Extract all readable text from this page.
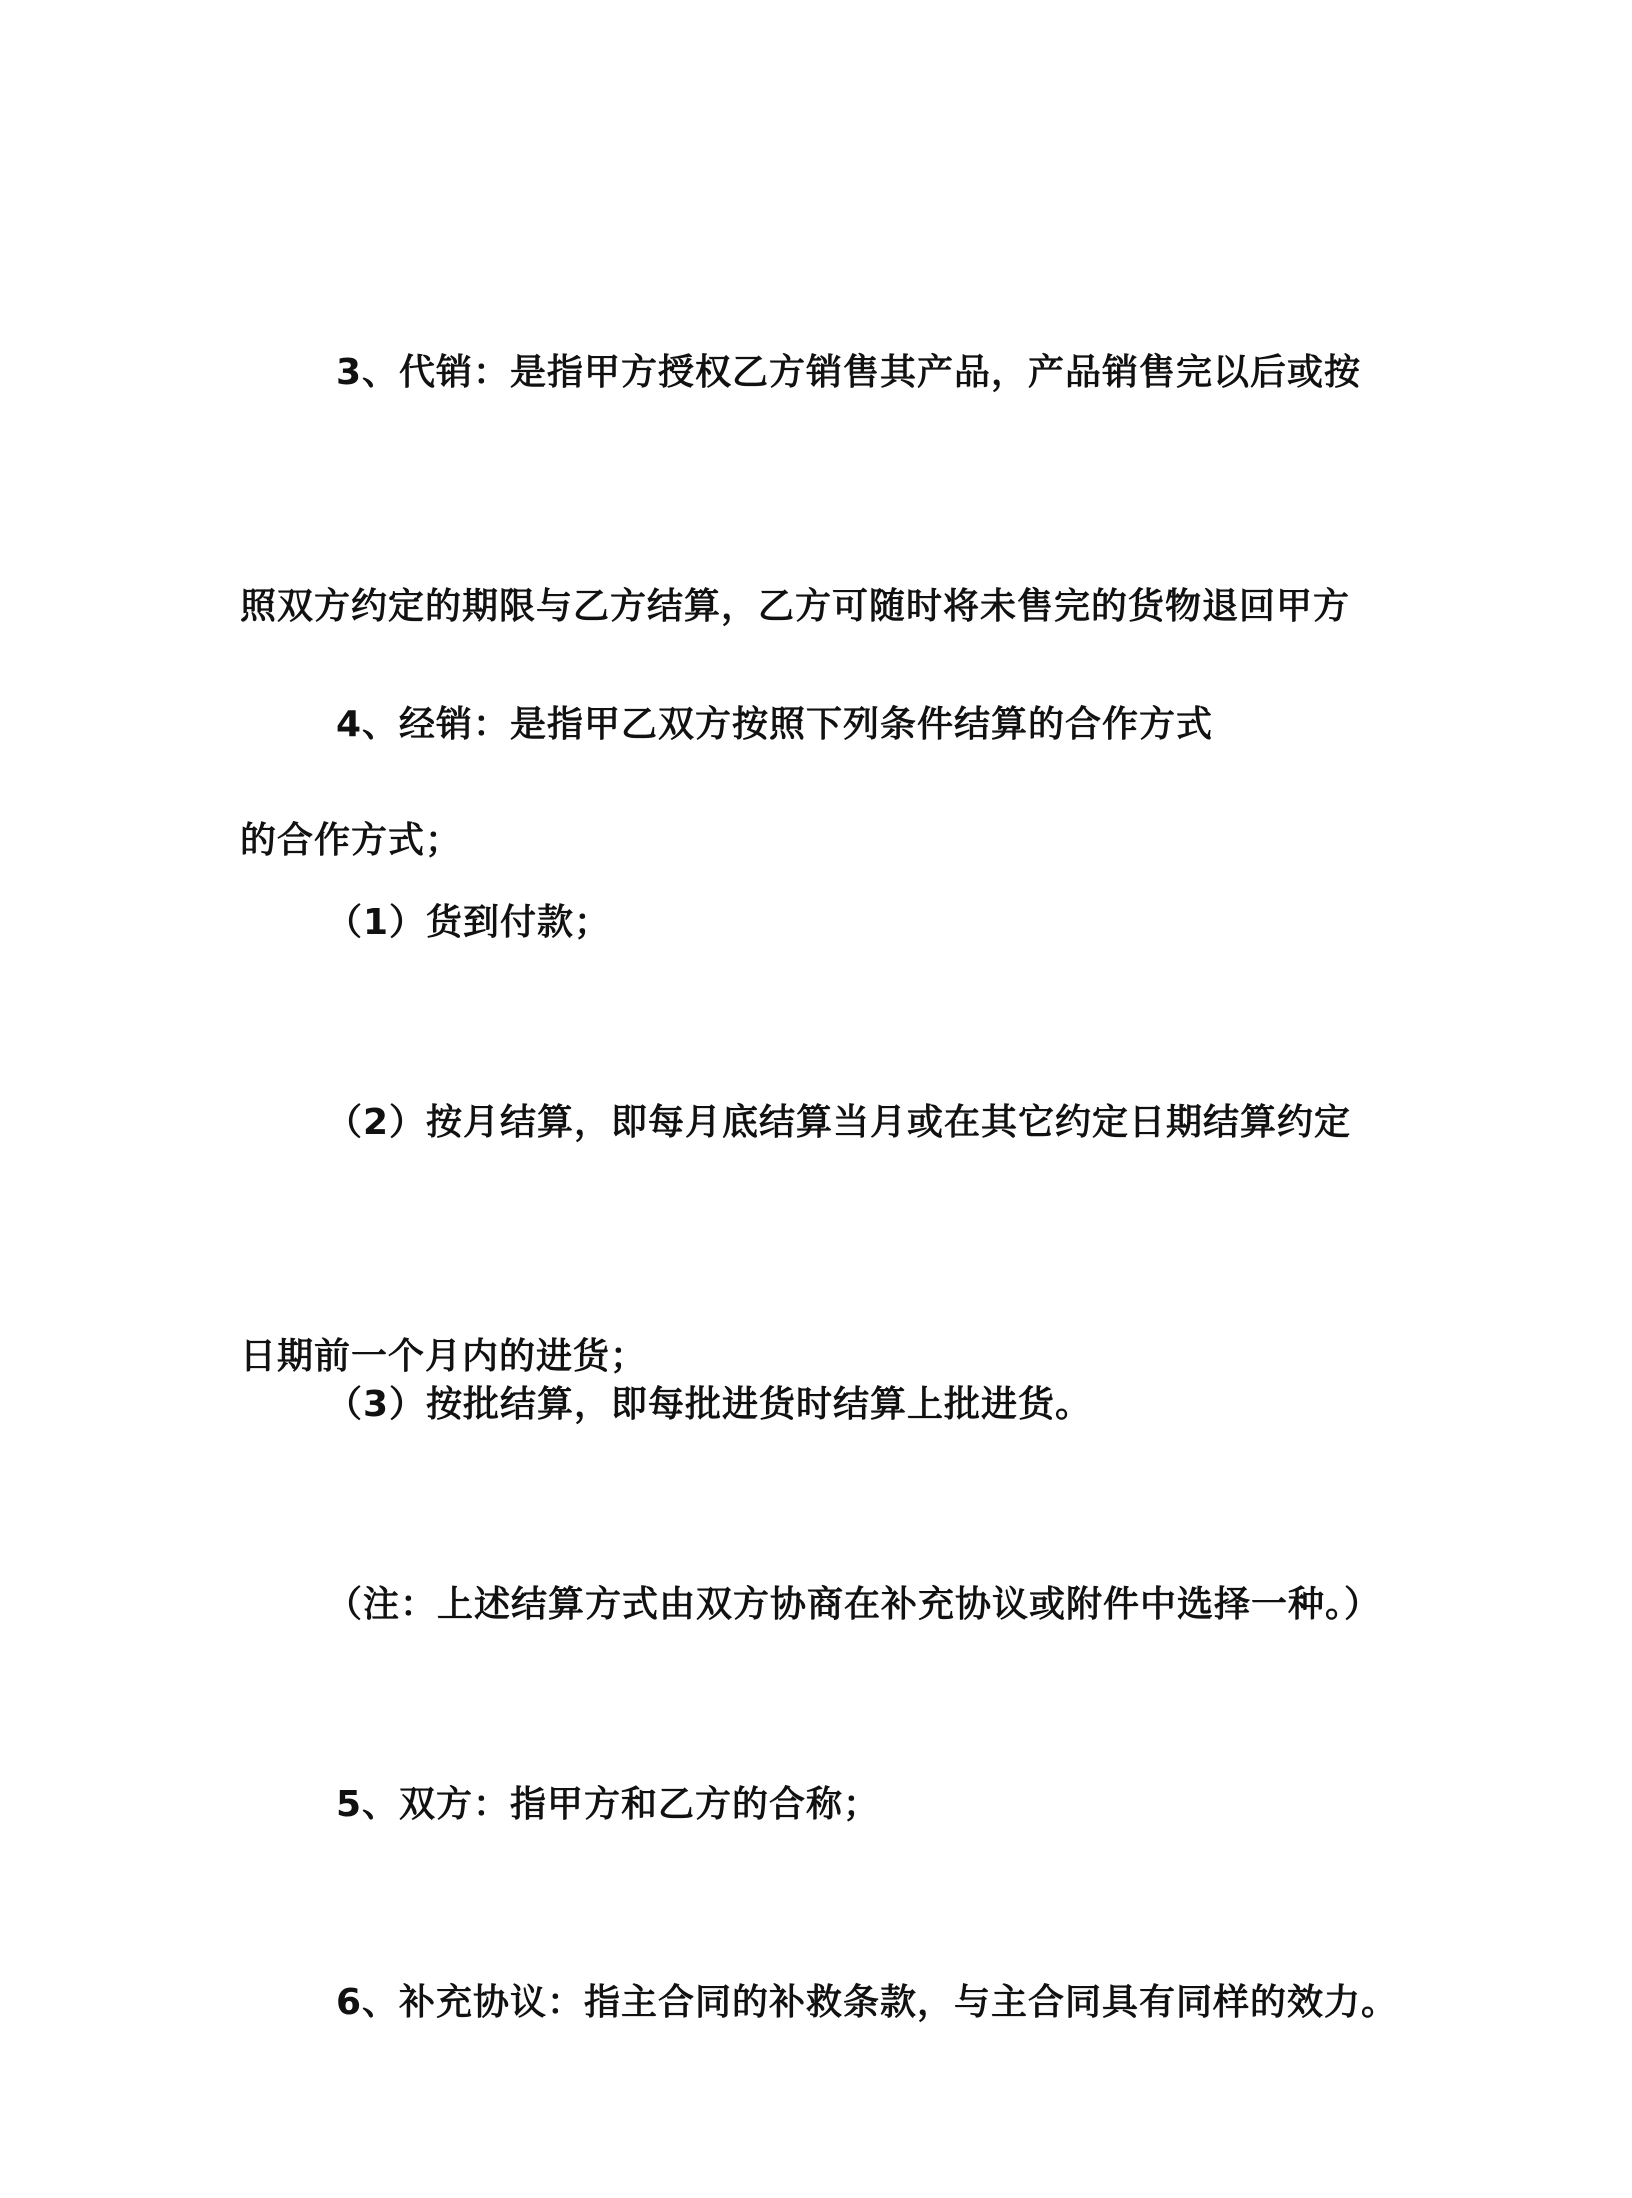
3、代销：是指甲方授权乙方销售其产品，产品销售完以后或按

照双方约定的期限与乙方结算，乙方可随时将未售完的货物退回甲方

的合作方式；

4、经销：是指甲乙双方按照下列条件结算的合作方式

（1）货到付款；

（2）按月结算，即每月底结算当月或在其它约定日期结算约定

日期前一个月内的进货；

（3）按批结算，即每批进货时结算上批进货。

（注：上述结算方式由双方协商在补充协议或附件中选择一种。）

5、双方：指甲方和乙方的合称；

6、补充协议：指主合同的补救条款，与主合同具有同样的效力。
